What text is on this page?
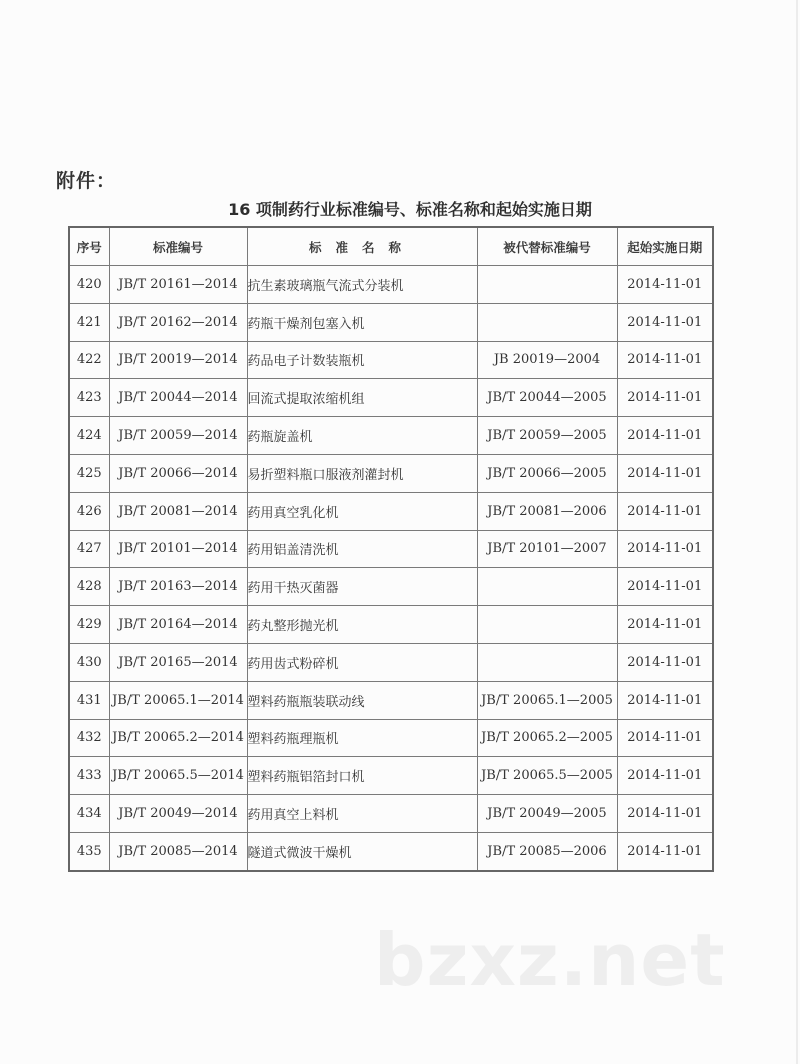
附件：
16 项制药行业标准编号、标准名称和起始实施日期
序号	标准编号	标准名称	被代替标准编号	起始实施日期
420	JB/T 20161—2014	抗生素玻璃瓶气流式分装机		2014-11-01
421	JB/T 20162—2014	药瓶干燥剂包塞入机		2014-11-01
422	JB/T 20019—2014	药品电子计数装瓶机	JB 20019—2004	2014-11-01
423	JB/T 20044—2014	回流式提取浓缩机组	JB/T 20044—2005	2014-11-01
424	JB/T 20059—2014	药瓶旋盖机	JB/T 20059—2005	2014-11-01
425	JB/T 20066—2014	易折塑料瓶口服液剂灌封机	JB/T 20066—2005	2014-11-01
426	JB/T 20081—2014	药用真空乳化机	JB/T 20081—2006	2014-11-01
427	JB/T 20101—2014	药用铝盖清洗机	JB/T 20101—2007	2014-11-01
428	JB/T 20163—2014	药用干热灭菌器		2014-11-01
429	JB/T 20164—2014	药丸整形抛光机		2014-11-01
430	JB/T 20165—2014	药用齿式粉碎机		2014-11-01
431	JB/T 20065.1—2014	塑料药瓶瓶装联动线	JB/T 20065.1—2005	2014-11-01
432	JB/T 20065.2—2014	塑料药瓶理瓶机	JB/T 20065.2—2005	2014-11-01
433	JB/T 20065.5—2014	塑料药瓶铝箔封口机	JB/T 20065.5—2005	2014-11-01
434	JB/T 20049—2014	药用真空上料机	JB/T 20049—2005	2014-11-01
435	JB/T 20085—2014	隧道式微波干燥机	JB/T 20085—2006	2014-11-01
bzxz.net
